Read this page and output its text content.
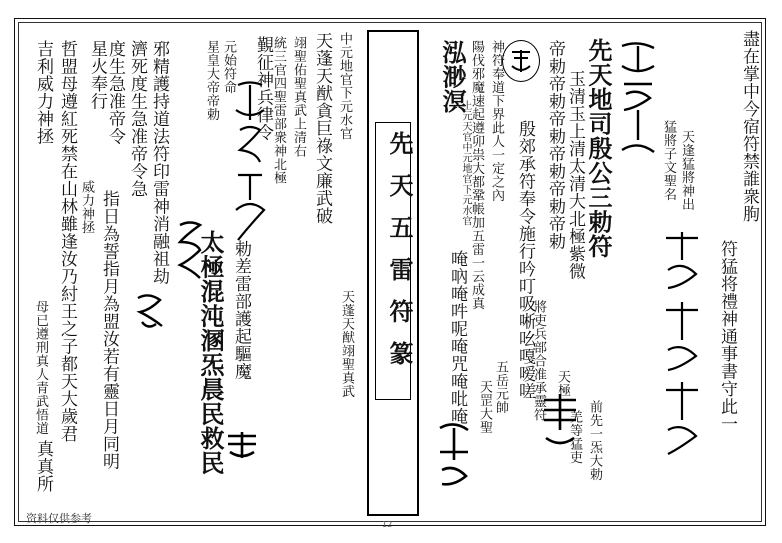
中元地官下元水官
天蓬天猷貪巨祿文廉武破
翊聖佑聖真武上清右
統三官四聖雷部衆神北極
天蓬天猷翊聖真武
覲征神兵律令
勅差雷部護起驅魔
太極混沌溷炁晨民救民
元始符命
星皇大帝帝勅
邪精護持道法符印雷神消融祖劫
濟死度生急准帝令急
度生急准帝令
星火奉行
威力神拯 指日為誓指月為盟汝若有靈日月同明
哲盟母遵紅死禁在山林雖逢
吉利威力神拯
汝乃紂王之子都天大歲君
母已遵刑真人青武悟道
真真所
先天五雷符篆
盡在掌中今宿符禁誰衆朐
符猛将禮神通事書守此一
天逢猛將神出
猛將子文聖名
先天地司殷公三勅符
玉清玉上清太清大北極紫微
帝勅帝勅帝勅帝勅帝勅帝勅
殷郊承符奉令施行吟叮吸唽吆嘎嗳嗟
神符奉道下界此人一定之內
陽伐邪魔速起遵卯祟大都鞏帳加五雷一云成真
泓渺溟
上元天官中元地官下元水官
唵吶唵吽呢唵咒唵吡唵	天極
將吏兵部合准承靈符
五岳元帥
天罡大聖	前先一炁大勅
羌等猛吏
资料仅供参考	12
